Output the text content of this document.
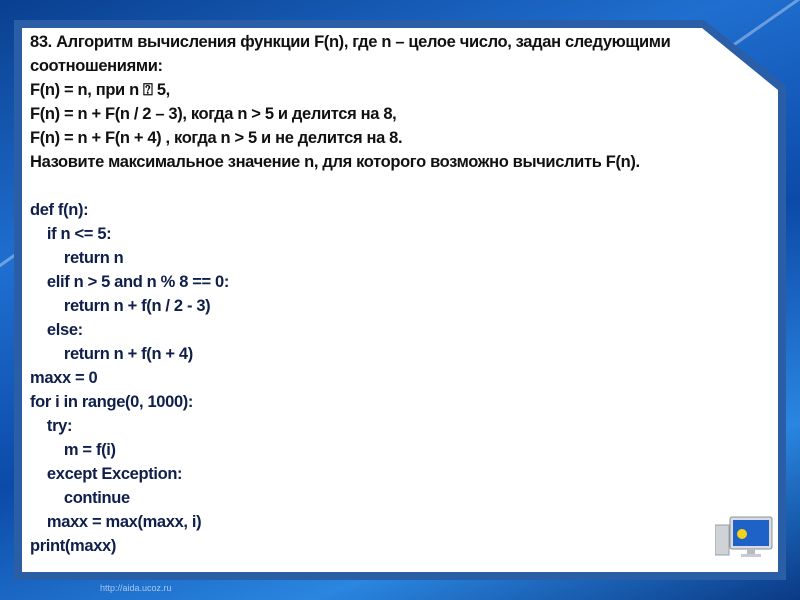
83. Алгоритм вычисления функции F(n), где n – целое число, задан следующими
соотношениями:
F(n) = n, при n ⍰ 5,
F(n) = n + F(n / 2 – 3), когда n > 5 и делится на 8,
F(n) = n + F(n + 4) , когда n > 5 и не делится на 8.
Назовите максимальное значение n, для которого возможно вычислить F(n).
def f(n):
if n <= 5:
return n
elif n > 5 and n % 8 == 0:
return n + f(n / 2 - 3)
else:
return n + f(n + 4)
maxx = 0
for i in range(0, 1000):
try:
m = f(i)
except Exception:
continue
maxx = max(maxx, i)
print(maxx)
http://aida.ucoz.ru
